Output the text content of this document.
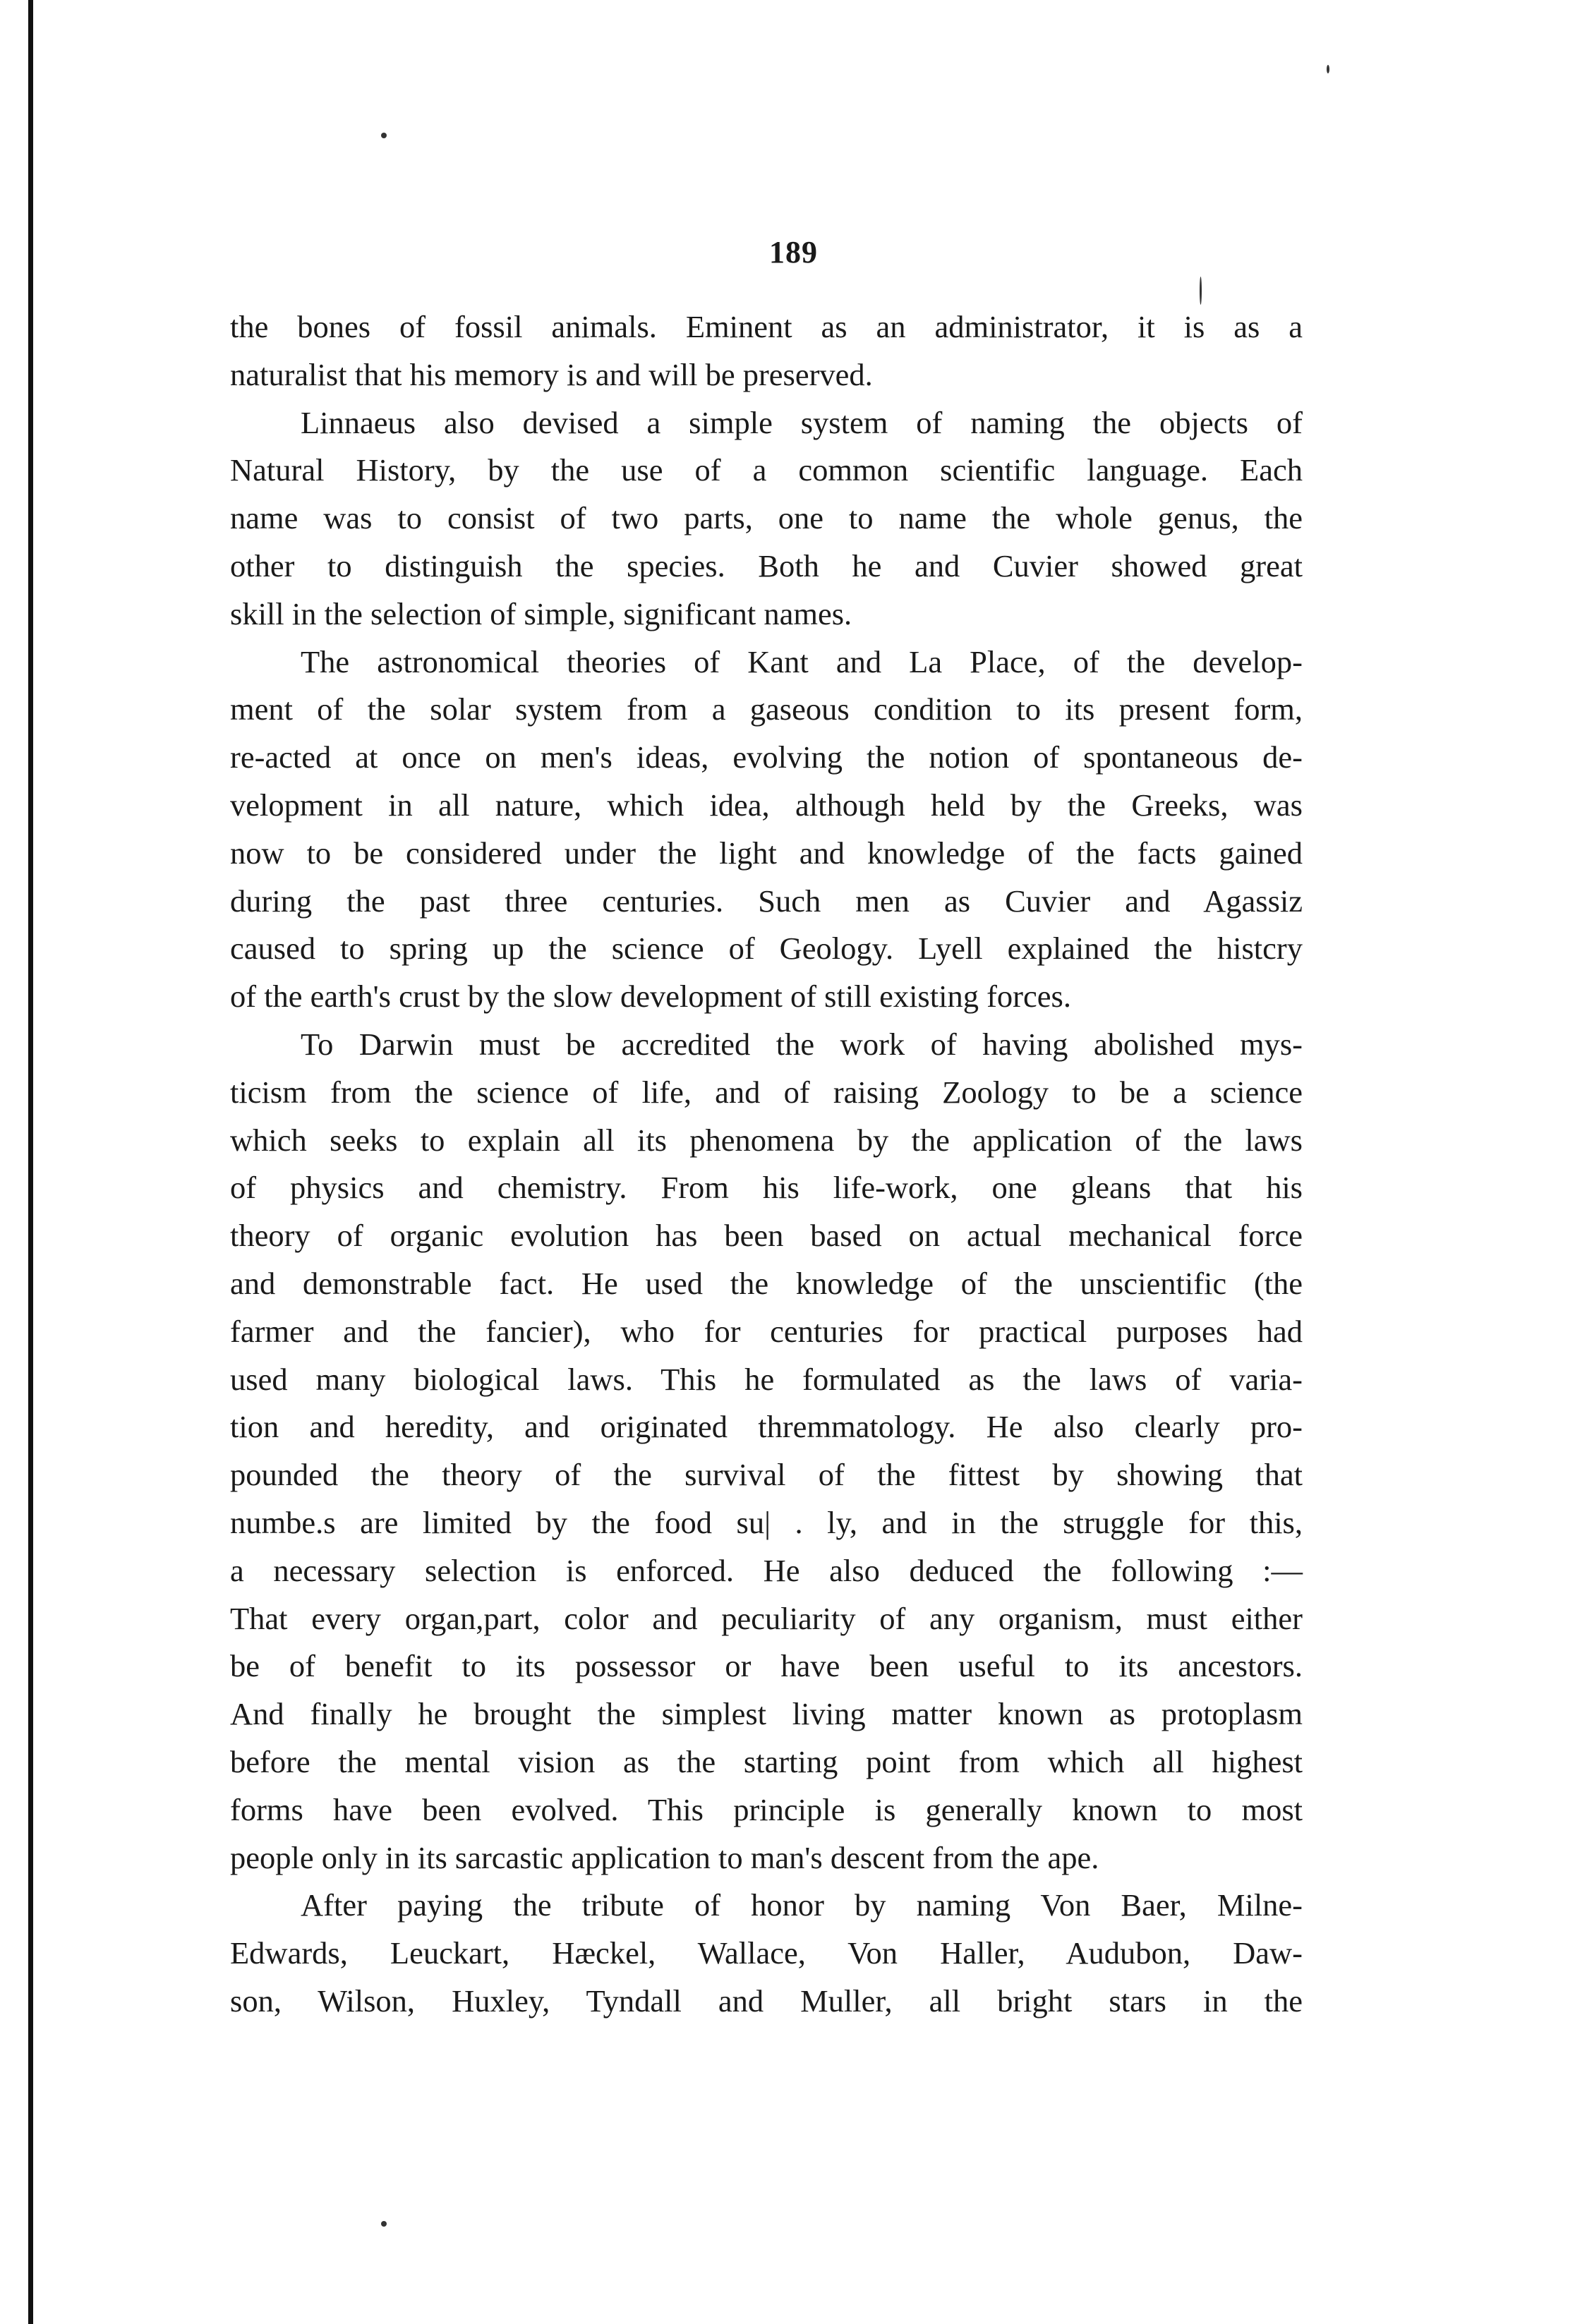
189
the bones of fossil animals. Eminent as an administrator, it is as a
naturalist that his memory is and will be preserved.
Linnaeus also devised a simple system of naming the objects of
Natural History, by the use of a common scientific language. Each
name was to consist of two parts, one to name the whole genus, the
other to distinguish the species. Both he and Cuvier showed great
skill in the selection of simple, significant names.
The astronomical theories of Kant and La Place, of the develop-
ment of the solar system from a gaseous condition to its present form,
re-acted at once on men's ideas, evolving the notion of spontaneous de-
velopment in all nature, which idea, although held by the Greeks, was
now to be considered under the light and knowledge of the facts gained
during the past three centuries. Such men as Cuvier and Agassiz
caused to spring up the science of Geology. Lyell explained the histcry
of the earth's crust by the slow development of still existing forces.
To Darwin must be accredited the work of having abolished mys-
ticism from the science of life, and of raising Zoology to be a science
which seeks to explain all its phenomena by the application of the laws
of physics and chemistry. From his life-work, one gleans that his
theory of organic evolution has been based on actual mechanical force
and demonstrable fact. He used the knowledge of the unscientific (the
farmer and the fancier), who for centuries for practical purposes had
used many biological laws. This he formulated as the laws of varia-
tion and heredity, and originated thremmatology. He also clearly pro-
pounded the theory of the survival of the fittest by showing that
numbe.s are limited by the food su| . ly, and in the struggle for this,
a necessary selection is enforced. He also deduced the following :—
That every organ,part, color and peculiarity of any organism, must either
be of benefit to its possessor or have been useful to its ancestors.
And finally he brought the simplest living matter known as protoplasm
before the mental vision as the starting point from which all highest
forms have been evolved. This principle is generally known to most
people only in its sarcastic application to man's descent from the ape.
After paying the tribute of honor by naming Von Baer, Milne-
Edwards, Leuckart, Hæckel, Wallace, Von Haller, Audubon, Daw-
son, Wilson, Huxley, Tyndall and Muller, all bright stars in the
